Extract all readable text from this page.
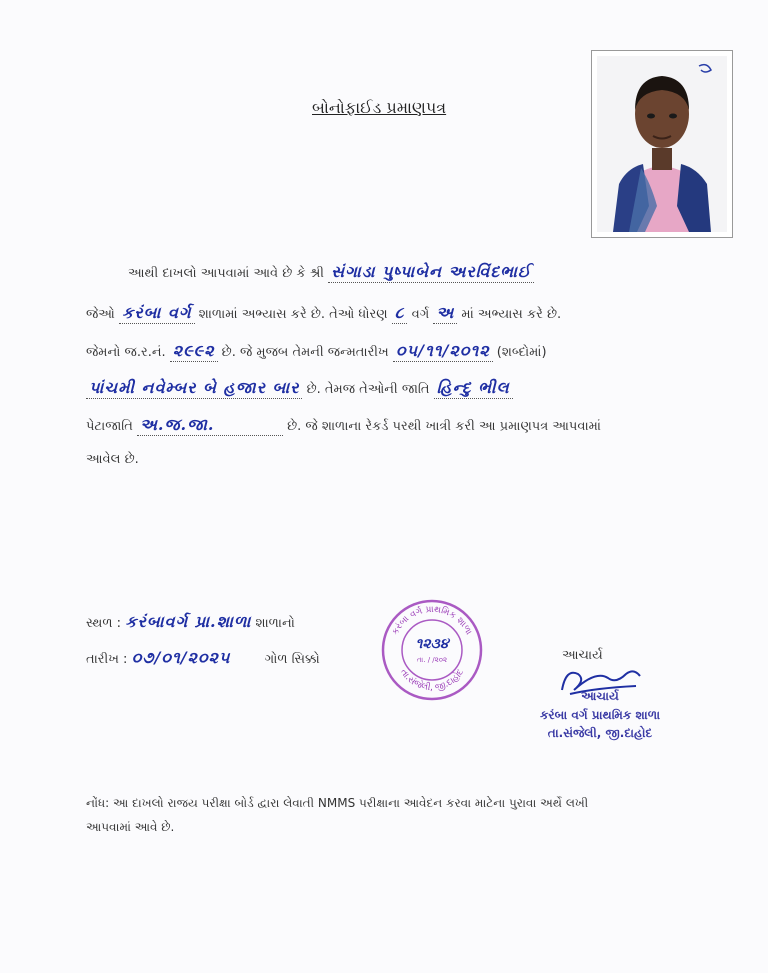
બોનોફાઈડ પ્રમાણપત્ર
આથી દાખલો આપવામાં આવે છે કે શ્રી સંગાડા પુષ્પાબેન અરવિંદભાઈ
જેઓ કરંબા વર્ગ શાળામાં અભ્યાસ કરે છે. તેઓ ધોરણ ૮ વર્ગ અ માં અભ્યાસ કરે છે.
જેમનો જ.ર.નં. ૨૯૯૨ છે. જે મુજબ તેમની જન્મતારીખ ૦૫/૧૧/૨૦૧૨ (શબ્દોમાં)
પાંચમી નવેમ્બર બે હજાર બાર છે. તેમજ તેઓની જાતિ હિન્દુ ભીલ
પેટાજાતિ અ.જ.જા.	છે. જે શાળાના રેકર્ડ પરથી ખાત્રી કરી આ પ્રમાણપત્ર આપવામાં
આવેલ છે.
સ્થળ : કરંબાવર્ગ પ્રા.શાળા શાળાનો
તારીખ : ૦૭/૦૧/૨૦૨૫	ગોળ સિક્કો
કરંબા વર્ગ પ્રાથમિક શાળા
તા.સંજેલી, જી.દાહોદ
૧૨૩૪
તા. / /૨૦૨	આચાર્ય
આચાર્ય
કરંબા વર્ગ પ્રાથમિક શાળા
તા.સંજેલી, જી.દાહોદ
નોંધ: આ દાખલો રાજય પરીક્ષા બોર્ડ દ્વારા લેવાતી NMMS પરીક્ષાના આવેદન કરવા માટેના પુરાવા અર્થે લખી
આપવામાં આવે છે.
